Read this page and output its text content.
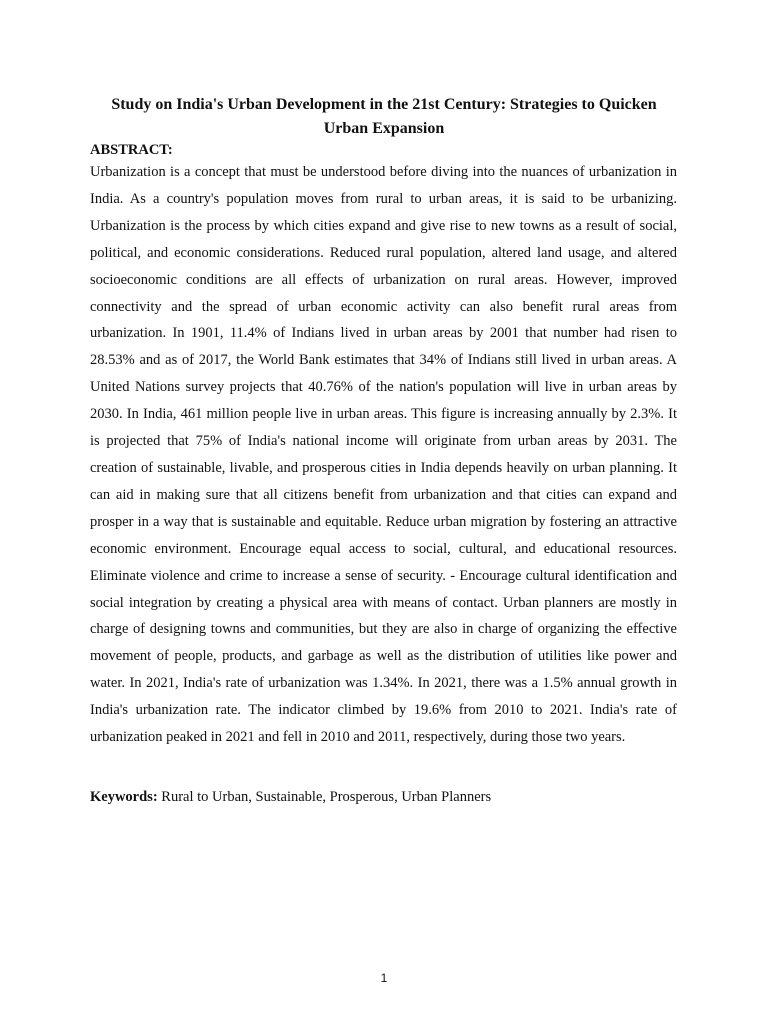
Study on India's Urban Development in the 21st Century: Strategies to Quicken Urban Expansion
ABSTRACT:

Urbanization is a concept that must be understood before diving into the nuances of urbanization in India. As a country's population moves from rural to urban areas, it is said to be urbanizing. Urbanization is the process by which cities expand and give rise to new towns as a result of social, political, and economic considerations. Reduced rural population, altered land usage, and altered socioeconomic conditions are all effects of urbanization on rural areas. However, improved connectivity and the spread of urban economic activity can also benefit rural areas from urbanization. In 1901, 11.4% of Indians lived in urban areas by 2001 that number had risen to 28.53% and as of 2017, the World Bank estimates that 34% of Indians still lived in urban areas. A United Nations survey projects that 40.76% of the nation's population will live in urban areas by 2030. In India, 461 million people live in urban areas. This figure is increasing annually by 2.3%. It is projected that 75% of India's national income will originate from urban areas by 2031. The creation of sustainable, livable, and prosperous cities in India depends heavily on urban planning. It can aid in making sure that all citizens benefit from urbanization and that cities can expand and prosper in a way that is sustainable and equitable. Reduce urban migration by fostering an attractive economic environment. Encourage equal access to social, cultural, and educational resources. Eliminate violence and crime to increase a sense of security. - Encourage cultural identification and social integration by creating a physical area with means of contact. Urban planners are mostly in charge of designing towns and communities, but they are also in charge of organizing the effective movement of people, products, and garbage as well as the distribution of utilities like power and water. In 2021, India's rate of urbanization was 1.34%. In 2021, there was a 1.5% annual growth in India's urbanization rate. The indicator climbed by 19.6% from 2010 to 2021. India's rate of urbanization peaked in 2021 and fell in 2010 and 2011, respectively, during those two years.

Keywords: Rural to Urban, Sustainable, Prosperous, Urban Planners

1
